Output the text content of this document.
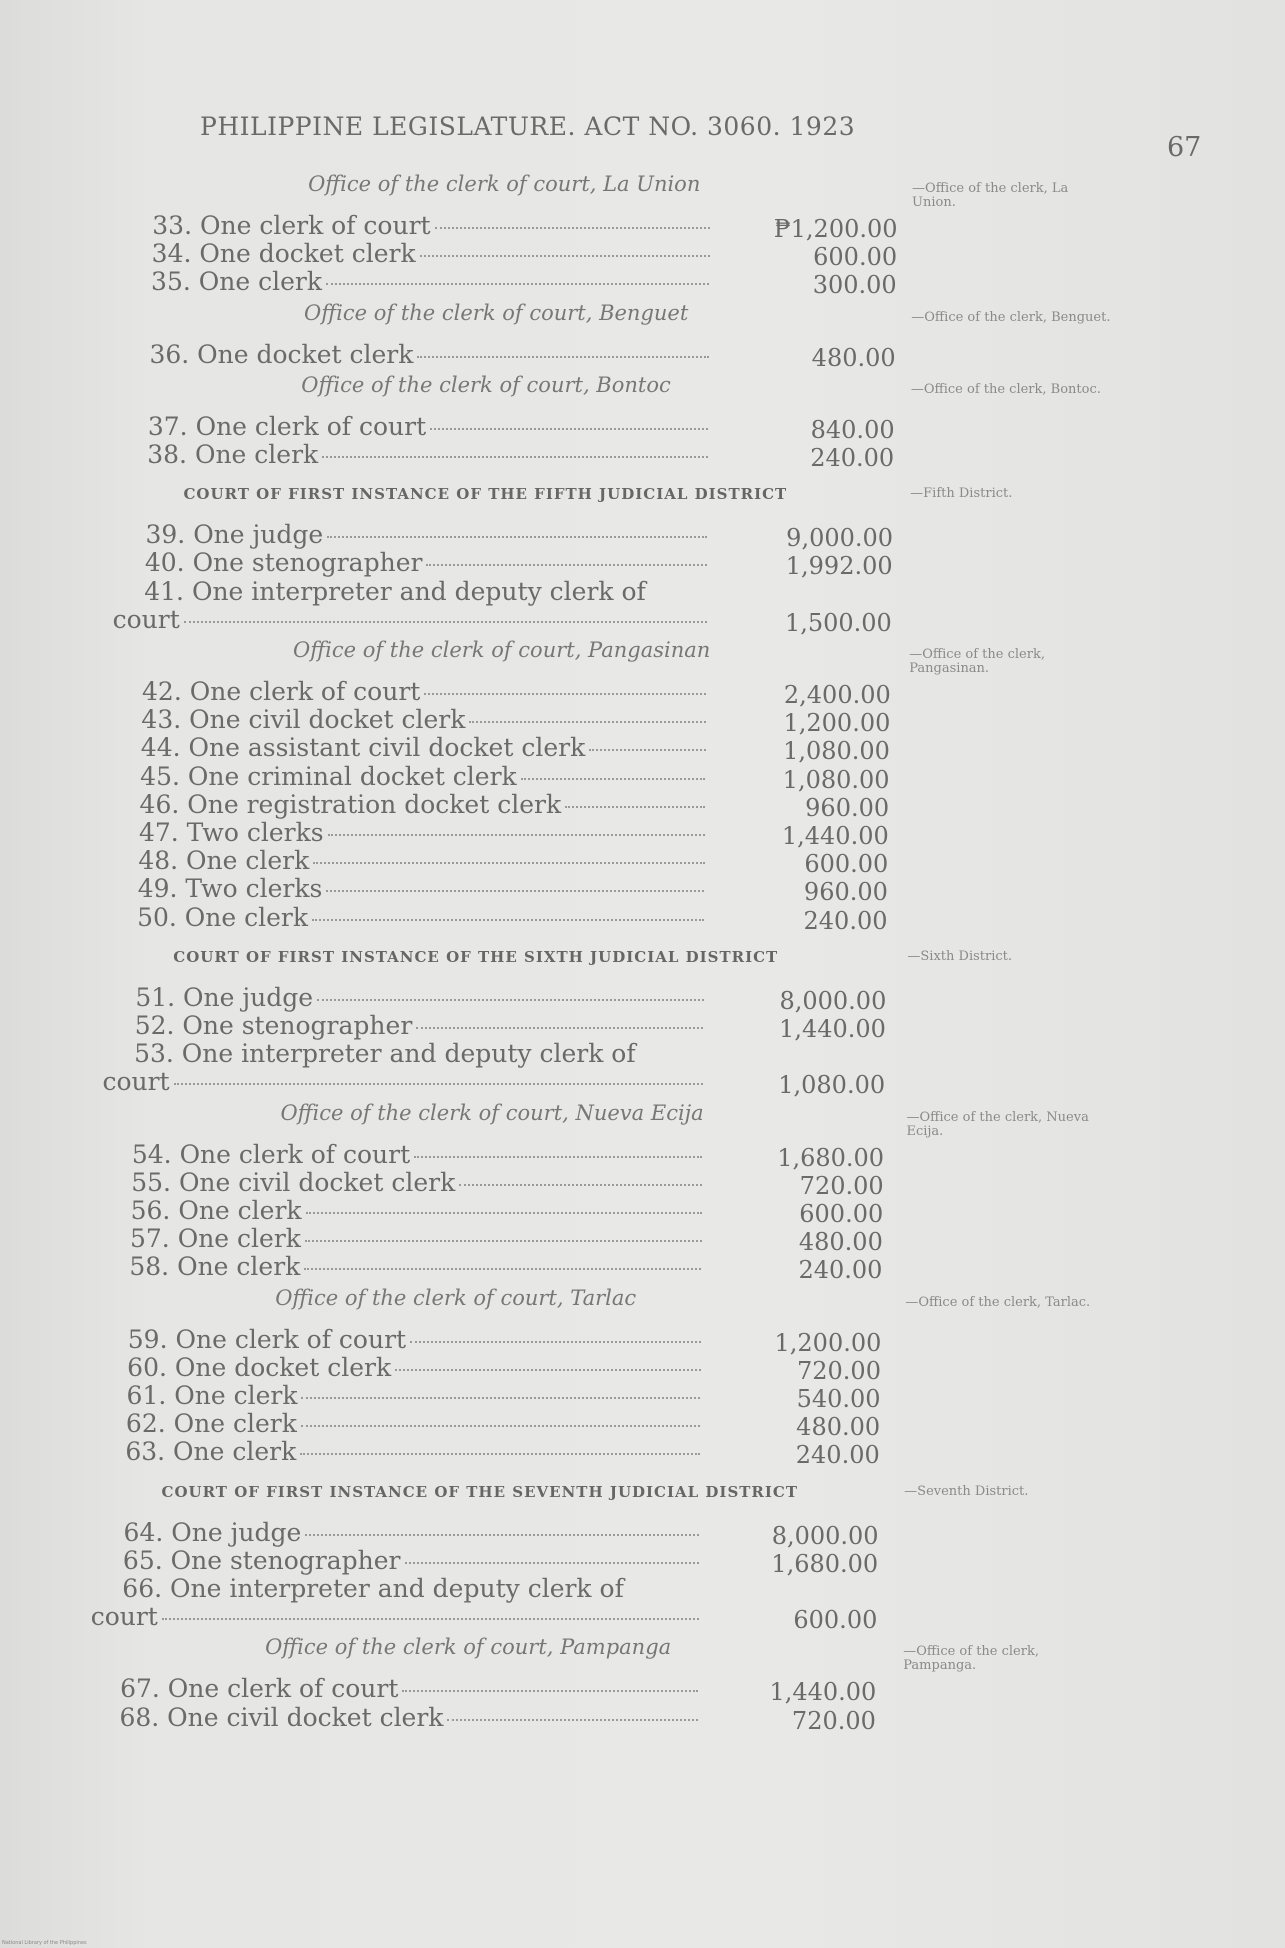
PHILIPPINE LEGISLATURE. ACT NO. 3060. 1923
67
Office of the clerk of court, La Union	—Office of the clerk, La Union.
33. One clerk of court	₱1,200.00
34. One docket clerk	600.00
35. One clerk	300.00
Office of the clerk of court, Benguet	—Office of the clerk, Benguet.
36. One docket clerk	480.00
Office of the clerk of court, Bontoc	—Office of the clerk, Bontoc.
37. One clerk of court	840.00
38. One clerk	240.00
COURT OF FIRST INSTANCE OF THE FIFTH JUDICIAL DISTRICT	—Fifth District.
39. One judge	9,000.00
40. One stenographer	1,992.00
41. One interpreter and deputy clerk of
court	1,500.00
Office of the clerk of court, Pangasinan	—Office of the clerk, Pangasinan.
42. One clerk of court	2,400.00
43. One civil docket clerk	1,200.00
44. One assistant civil docket clerk	1,080.00
45. One criminal docket clerk	1,080.00
46. One registration docket clerk	960.00
47. Two clerks	1,440.00
48. One clerk	600.00
49. Two clerks	960.00
50. One clerk	240.00
COURT OF FIRST INSTANCE OF THE SIXTH JUDICIAL DISTRICT	—Sixth District.
51. One judge	8,000.00
52. One stenographer	1,440.00
53. One interpreter and deputy clerk of
court	1,080.00
Office of the clerk of court, Nueva Ecija	—Office of the clerk, Nueva Ecija.
54. One clerk of court	1,680.00
55. One civil docket clerk	720.00
56. One clerk	600.00
57. One clerk	480.00
58. One clerk	240.00
Office of the clerk of court, Tarlac	—Office of the clerk, Tarlac.
59. One clerk of court	1,200.00
60. One docket clerk	720.00
61. One clerk	540.00
62. One clerk	480.00
63. One clerk	240.00
COURT OF FIRST INSTANCE OF THE SEVENTH JUDICIAL DISTRICT	—Seventh District.
64. One judge	8,000.00
65. One stenographer	1,680.00
66. One interpreter and deputy clerk of
court	600.00
Office of the clerk of court, Pampanga	—Office of the clerk, Pampanga.
67. One clerk of court	1,440.00
68. One civil docket clerk	720.00
National Library of the Philippines
